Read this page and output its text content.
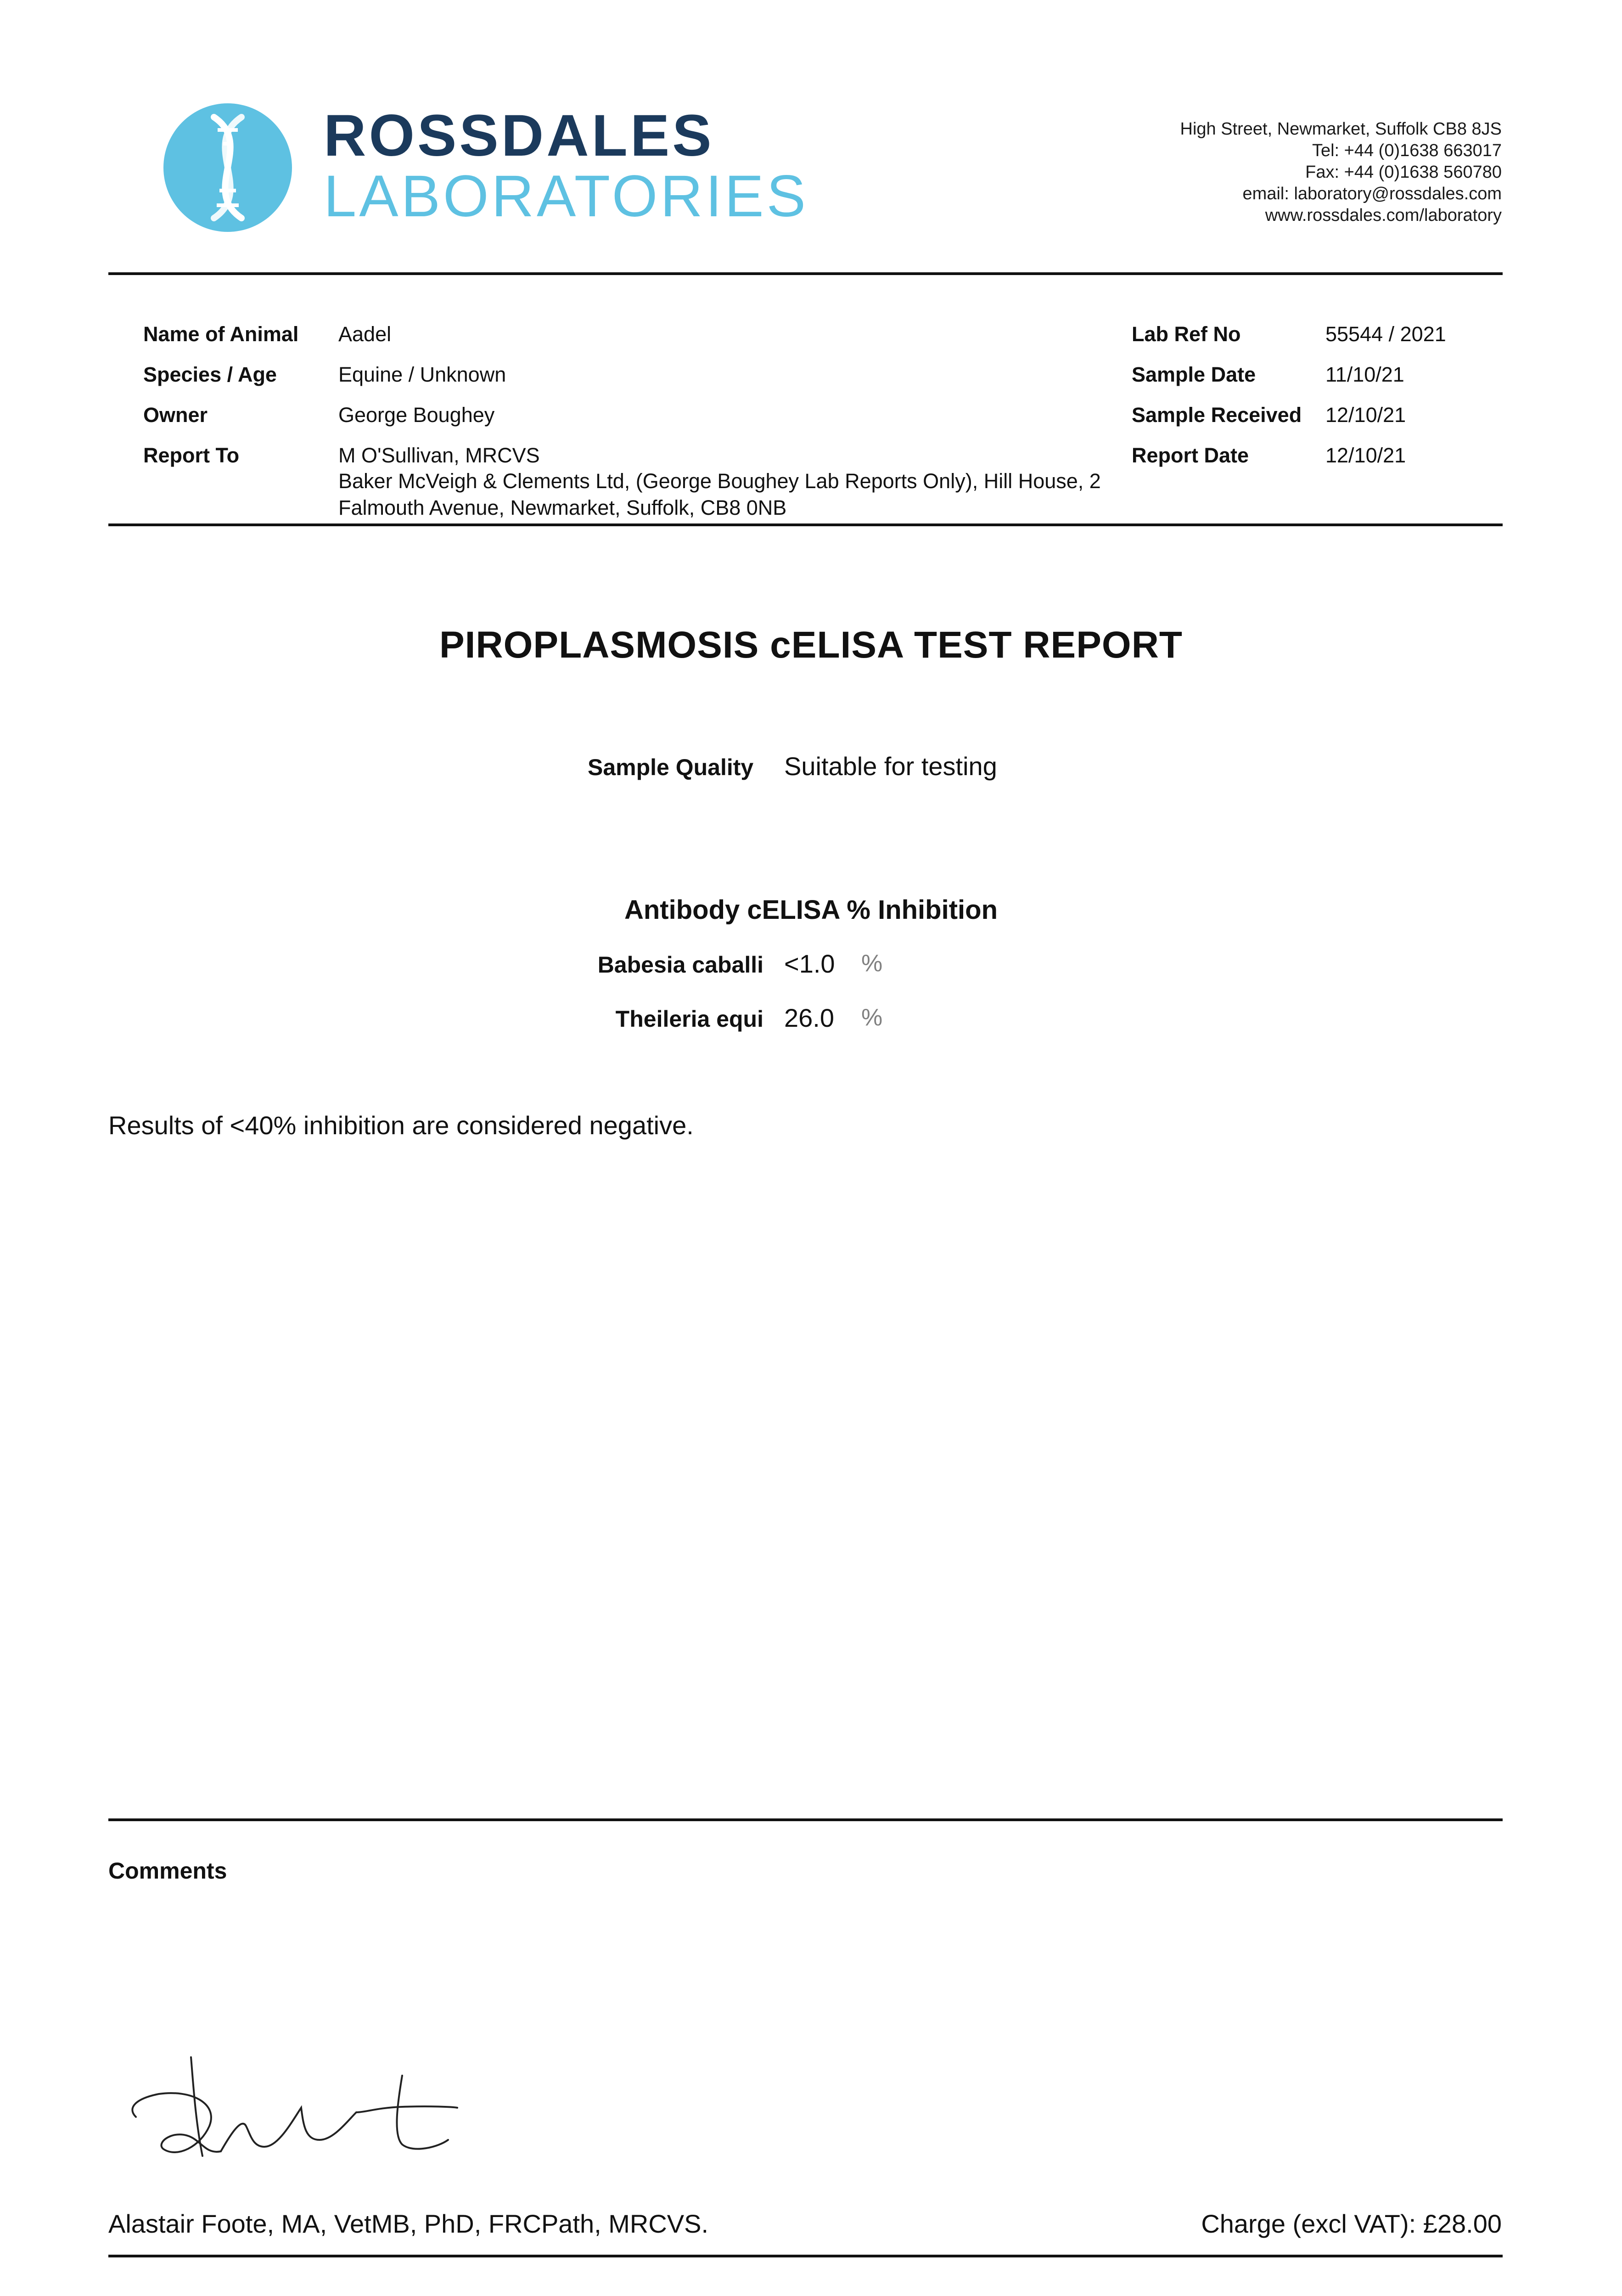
ROSSDALES
LABORATORIES
High Street, Newmarket, Suffolk CB8 8JS
Tel: +44 (0)1638 663017
Fax: +44 (0)1638 560780
email: laboratory@rossdales.com
www.rossdales.com/laboratory
Name of Animal Aadel
Species / Age	Equine / Unknown
Owner	George Boughey
Report To	M O'Sullivan, MRCVS
Baker McVeigh & Clements Ltd, (George Boughey Lab Reports Only), Hill House, 2 Falmouth Avenue, Newmarket, Suffolk, CB8 0NB
Lab Ref No	55544 / 2021
Sample Date	11/10/21
Sample Received 12/10/21
Report Date	12/10/21
PIROPLASMOSIS cELISA TEST REPORT
Sample Quality Suitable for testing
Antibody cELISA % Inhibition
Babesia caballi <1.0 %
Theileria equi 26.0 %
Results of <40% inhibition are considered negative.
Comments
Alastair Foote, MA, VetMB, PhD, FRCPath, MRCVS.	Charge (excl VAT): £28.00
